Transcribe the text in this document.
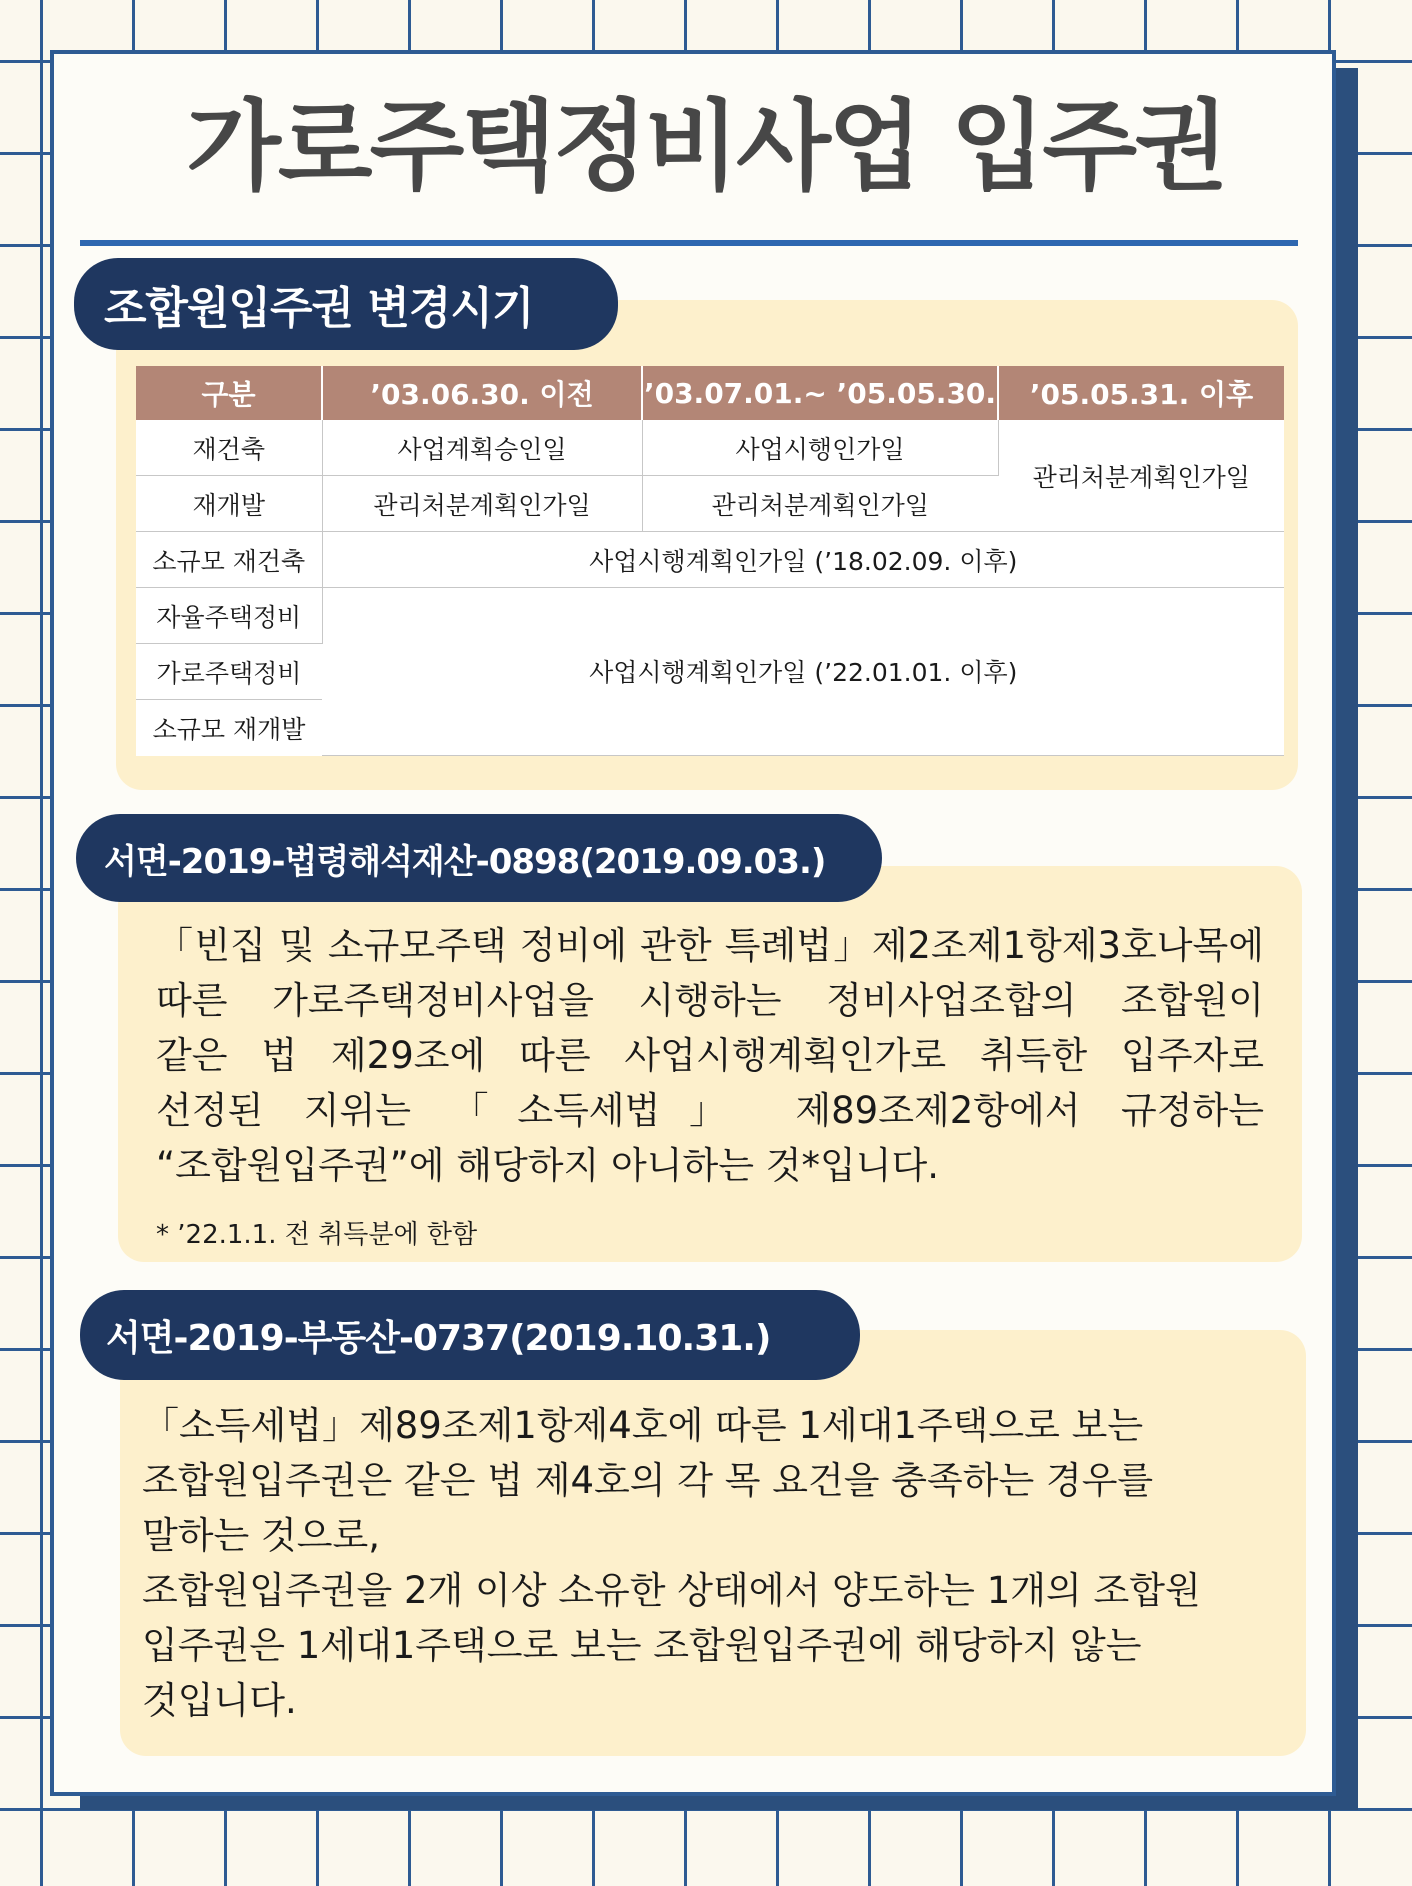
가로주택정비사업 입주권
조합원입주권 변경시기
구분	’03.06.30. 이전	’03.07.01.~ ’05.05.30.	’05.05.31. 이후
재건축	사업계획승인일	사업시행인가일	관리처분계획인가일
재개발	관리처분계획인가일	관리처분계획인가일	
소규모 재건축	사업시행계획인가일 (’18.02.09. 이후)		
자율주택정비	사업시행계획인가일 (’22.01.01. 이후)		
가로주택정비			
소규모 재개발			
서면-2019-법령해석재산-0898(2019.09.03.)
「빈집 및 소규모주택 정비에 관한 특례법」제2조제1항제3호나목에
따른 가로주택정비사업을 시행하는 정비사업조합의 조합원이
같은 법 제29조에 따른 사업시행계획인가로 취득한 입주자로
선정된 지위는 「소득세법」 제89조제2항에서 규정하는
“조합원입주권”에 해당하지 아니하는 것*입니다.
* ’22.1.1. 전 취득분에 한함
서면-2019-부동산-0737(2019.10.31.)
「소득세법」제89조제1항제4호에 따른 1세대1주택으로 보는
조합원입주권은 같은 법 제4호의 각 목 요건을 충족하는 경우를
말하는 것으로,
조합원입주권을 2개 이상 소유한 상태에서 양도하는 1개의 조합원
입주권은 1세대1주택으로 보는 조합원입주권에 해당하지 않는
것입니다.
